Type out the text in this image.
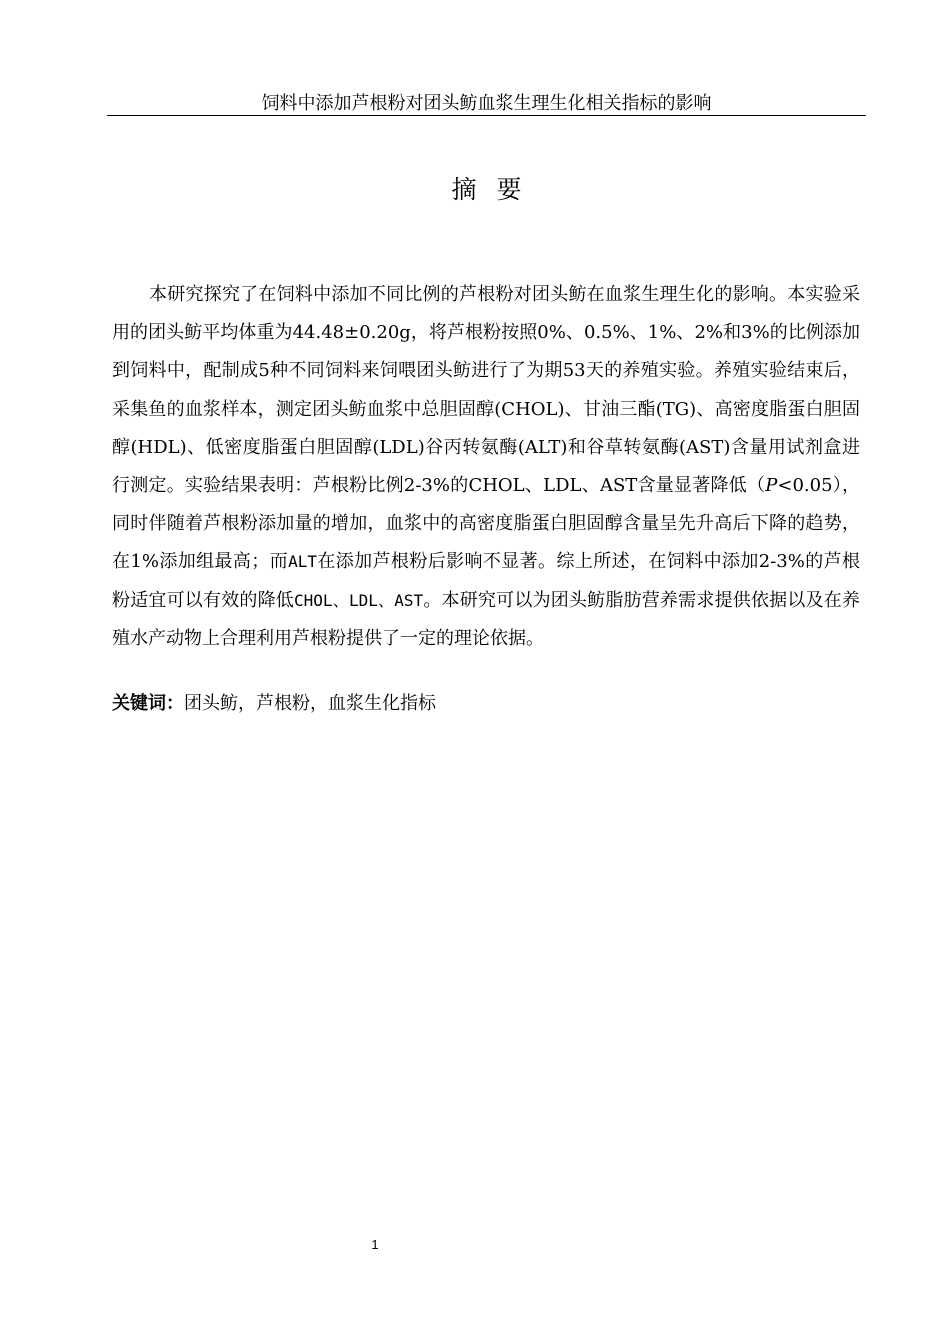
饲料中添加芦根粉对团头鲂血浆生理生化相关指标的影响
摘要

本研究探究了在饲料中添加不同比例的芦根粉对团头鲂在血浆生理生化的影响。本实验采用的团头鲂平均体重为44.48±0.20g，将芦根粉按照0%、0.5%、1%、2%和3%的比例添加到饲料中，配制成5种不同饲料来饲喂团头鲂进行了为期53天的养殖实验。养殖实验结束后，采集鱼的血浆样本，测定团头鲂血浆中总胆固醇(CHOL)、甘油三酯(TG)、高密度脂蛋白胆固醇(HDL)、低密度脂蛋白胆固醇(LDL)谷丙转氨酶(ALT)和谷草转氨酶(AST)含量用试剂盒进行测定。实验结果表明：芦根粉比例2-3%的CHOL、LDL、AST含量显著降低（P<0.05），同时伴随着芦根粉添加量的增加，血浆中的高密度脂蛋白胆固醇含量呈先升高后下降的趋势，在1%添加组最高；而ALT在添加芦根粉后影响不显著。综上所述，在饲料中添加2-3%的芦根粉适宜可以有效的降低CHOL、LDL、AST。本研究可以为团头鲂脂肪营养需求提供依据以及在养殖水产动物上合理利用芦根粉提供了一定的理论依据。

关键词：团头鲂，芦根粉，血浆生化指标
1
